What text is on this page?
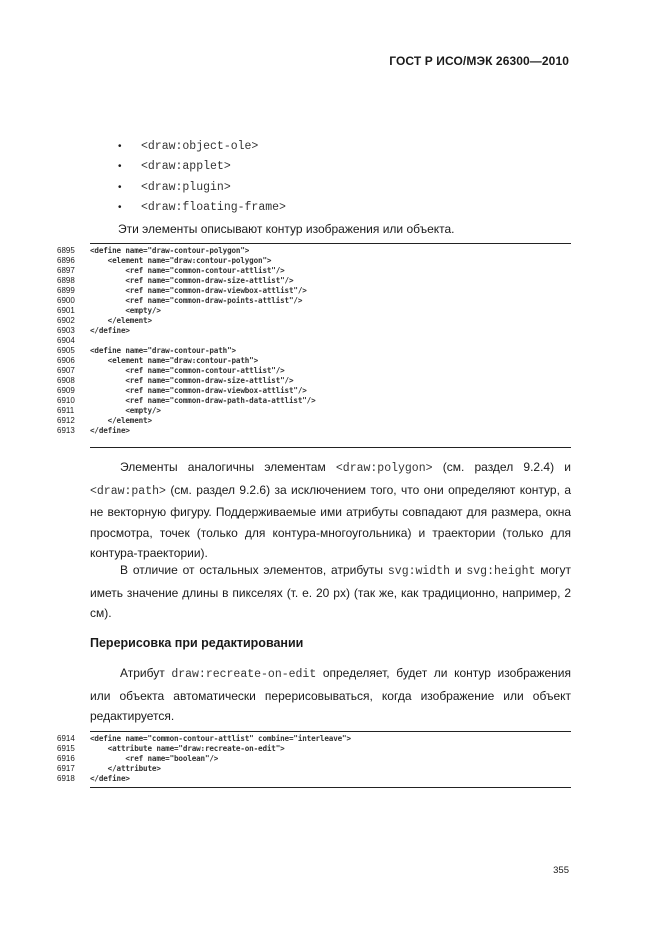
ГОСТ Р ИСО/МЭК 26300—2010
•	<draw:object-ole>
•	<draw:applet>
•	<draw:plugin>
•	<draw:floating-frame>
Эти элементы описывают контур изображения или объекта.
6895	<define name="draw-contour-polygon">
6896	<element name="draw:contour-polygon">
6897	<ref name="common-contour-attlist"/>
6898	<ref name="common-draw-size-attlist"/>
6899	<ref name="common-draw-viewbox-attlist"/>
6900	<ref name="common-draw-points-attlist"/>
6901	<empty/>
6902	</element>
6903	</define>
6904
6905	<define name="draw-contour-path">
6906	<element name="draw:contour-path">
6907	<ref name="common-contour-attlist"/>
6908	<ref name="common-draw-size-attlist"/>
6909	<ref name="common-draw-viewbox-attlist"/>
6910	<ref name="common-draw-path-data-attlist"/>
6911	<empty/>
6912	</element>
6913	</define>
Элементы аналогичны элементам <draw:polygon> (см. раздел 9.2.4) и <draw:path> (см. раздел 9.2.6) за исключением того, что они определяют контур, а не векторную фигуру. Поддерживаемые ими атрибуты совпадают для размера, окна просмотра, точек (только для контура-многоугольника) и траектории (только для контура-траектории).
В отличие от остальных элементов, атрибуты svg:width и svg:height могут иметь значение длины в пикселях (т. е. 20 px) (так же, как традиционно, например, 2 см).
Перерисовка при редактировании
Атрибут draw:recreate-on-edit определяет, будет ли контур изображения или объекта автоматически перерисовываться, когда изображение или объект редактируется.
6914	<define name="common-contour-attlist" combine="interleave">
6915	<attribute name="draw:recreate-on-edit">
6916	<ref name="boolean"/>
6917	</attribute>
6918	</define>
355
